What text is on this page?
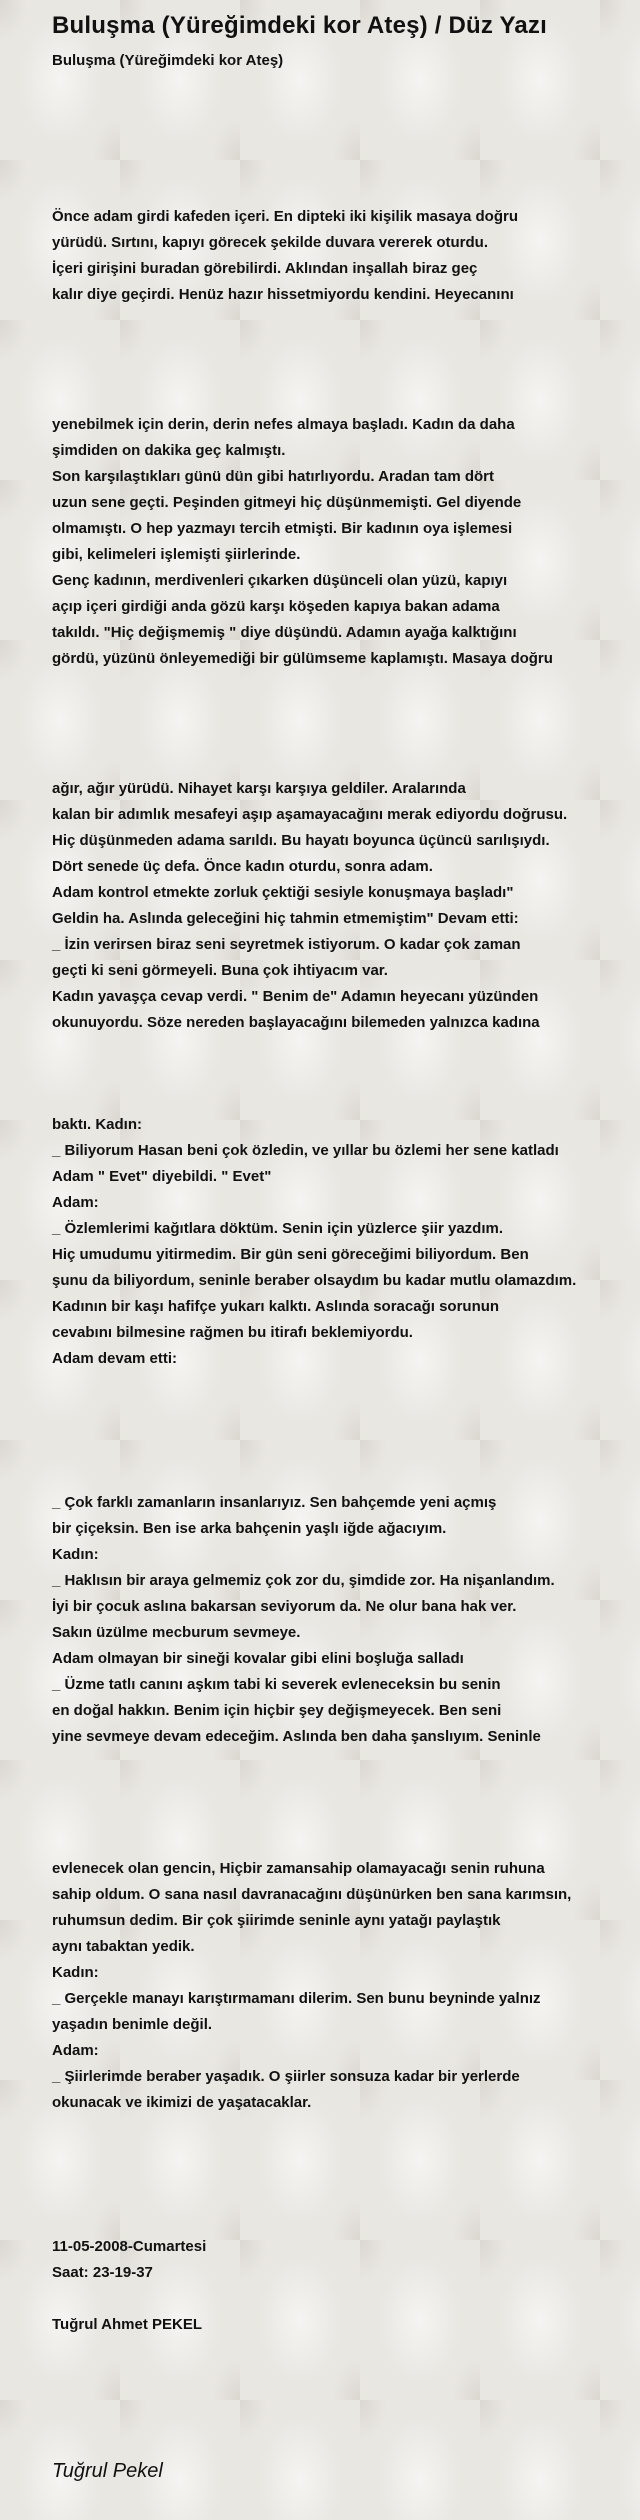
Buluşma (Yüreğimdeki kor Ateş) / Düz Yazı
Buluşma (Yüreğimdeki kor Ateş)

Önce adam girdi kafeden içeri. En dipteki iki kişilik masaya doğru
yürüdü. Sırtını, kapıyı görecek şekilde duvara vererek oturdu.
İçeri girişini buradan görebilirdi. Aklından inşallah biraz geç
kalır diye geçirdi. Henüz hazır hissetmiyordu kendini. Heyecanını

yenebilmek için derin, derin nefes almaya başladı. Kadın da daha
şimdiden on dakika geç kalmıştı.
Son karşılaştıkları günü dün gibi hatırlıyordu. Aradan tam dört
uzun sene geçti. Peşinden gitmeyi hiç düşünmemişti. Gel diyende
olmamıştı. O hep yazmayı tercih etmişti. Bir kadının oya işlemesi
gibi, kelimeleri işlemişti şiirlerinde.
Genç kadının, merdivenleri çıkarken düşünceli olan yüzü, kapıyı
açıp içeri girdiği anda gözü karşı köşeden kapıya bakan adama
takıldı. "Hiç değişmemiş " diye düşündü. Adamın ayağa kalktığını
gördü, yüzünü önleyemediği bir gülümseme kaplamıştı. Masaya doğru

ağır, ağır yürüdü. Nihayet karşı karşıya geldiler. Aralarında
kalan bir adımlık mesafeyi aşıp aşamayacağını merak ediyordu doğrusu.
Hiç düşünmeden adama sarıldı. Bu hayatı boyunca üçüncü sarılışıydı.
Dört senede üç defa. Önce kadın oturdu, sonra adam.
Adam kontrol etmekte zorluk çektiği sesiyle konuşmaya başladı"
Geldin ha. Aslında geleceğini hiç tahmin etmemiştim" Devam etti:
_ İzin verirsen biraz seni seyretmek istiyorum. O kadar çok zaman
geçti ki seni görmeyeli. Buna çok ihtiyacım var.
Kadın yavaşça cevap verdi. " Benim de" Adamın heyecanı yüzünden
okunuyordu. Söze nereden başlayacağını bilemeden yalnızca kadına

baktı. Kadın:
_ Biliyorum Hasan beni çok özledin, ve yıllar bu özlemi her sene katladı
Adam " Evet" diyebildi. " Evet"
Adam:
_ Özlemlerimi kağıtlara döktüm. Senin için yüzlerce şiir yazdım.
Hiç umudumu yitirmedim. Bir gün seni göreceğimi biliyordum. Ben
şunu da biliyordum, seninle beraber olsaydım bu kadar mutlu olamazdım.
Kadının bir kaşı hafifçe yukarı kalktı. Aslında soracağı sorunun
cevabını bilmesine rağmen bu itirafı beklemiyordu.
Adam devam etti:

_ Çok farklı zamanların insanlarıyız. Sen bahçemde yeni açmış
bir çiçeksin. Ben ise arka bahçenin yaşlı iğde ağacıyım.
Kadın:
_ Haklısın bir araya gelmemiz çok zor du, şimdide zor. Ha nişanlandım.
İyi bir çocuk aslına bakarsan seviyorum da. Ne olur bana hak ver.
Sakın üzülme mecburum sevmeye.
Adam olmayan bir sineği kovalar gibi elini boşluğa salladı
_ Üzme tatlı canını aşkım tabi ki severek evleneceksin bu senin
en doğal hakkın. Benim için hiçbir şey değişmeyecek. Ben seni
yine sevmeye devam edeceğim. Aslında ben daha şanslıyım. Seninle

evlenecek olan gencin, Hiçbir zamansahip olamayacağı senin ruhuna
sahip oldum. O sana nasıl davranacağını düşünürken ben sana karımsın,
ruhumsun dedim. Bir çok şiirimde seninle aynı yatağı paylaştık
aynı tabaktan yedik.
Kadın:
_ Gerçekle manayı karıştırmamanı dilerim. Sen bunu beyninde yalnız
yaşadın benimle değil.
Adam:
_ Şiirlerimde beraber yaşadık. O şiirler sonsuza kadar bir yerlerde
okunacak ve ikimizi de yaşatacaklar.

11-05-2008-Cumartesi
Saat: 23-19-37

Tuğrul Ahmet PEKEL

Tuğrul Pekel
